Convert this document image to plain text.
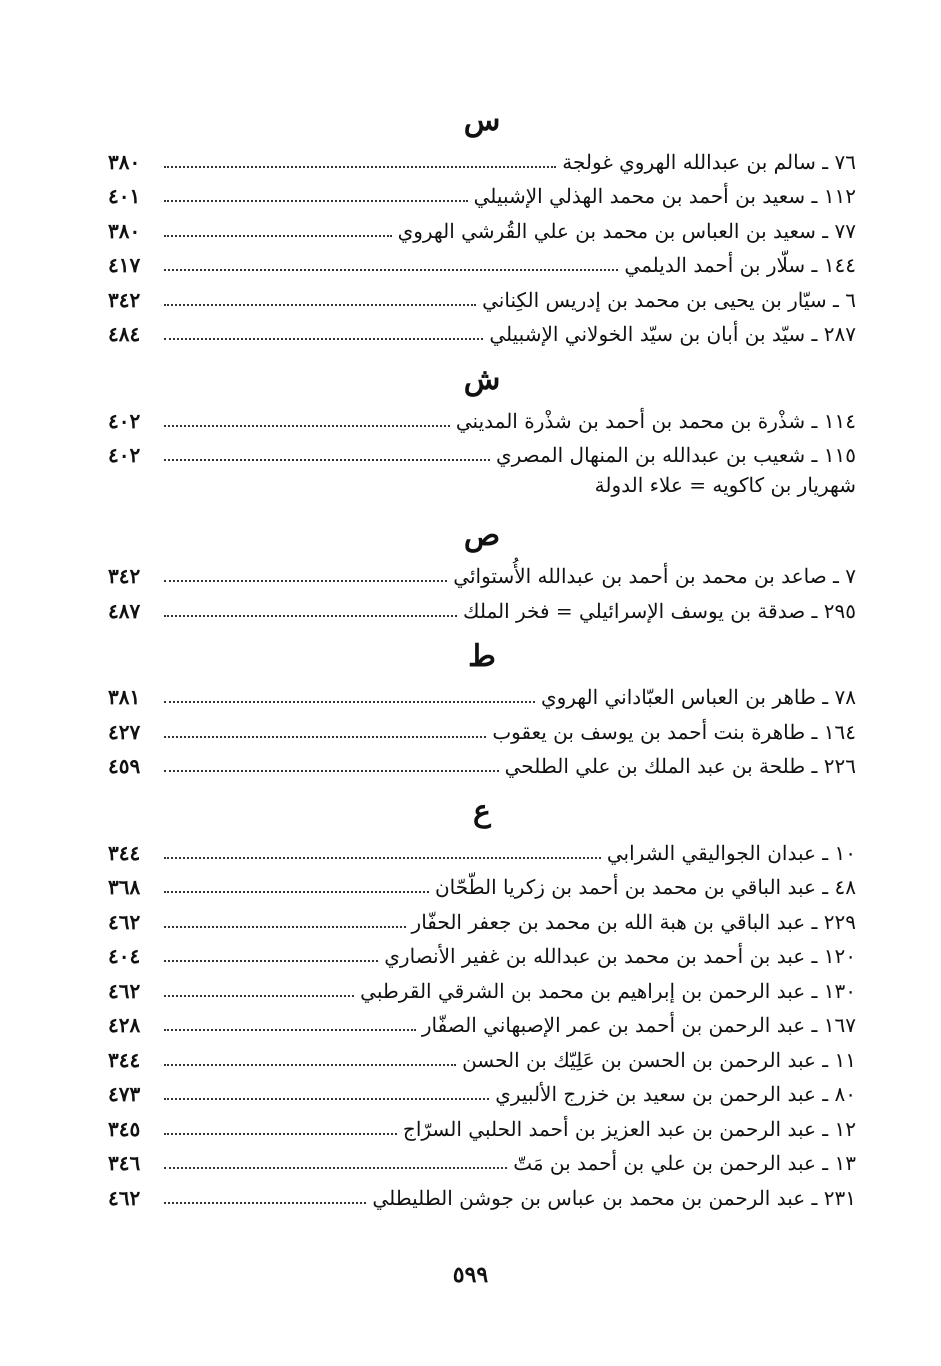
س
٧٦ ـ سالم بن عبدالله الهروي غولجة
٣٨٠
١١٢ ـ سعيد بن أحمد بن محمد الهذلي الإشبيلي
٤٠١
٧٧ ـ سعيد بن العباس بن محمد بن علي القُرشي الهروي
٣٨٠
١٤٤ ـ سلّار بن أحمد الديلمي
٤١٧
٦ ـ سيّار بن يحيى بن محمد بن إدريس الكِناني
٣٤٢
٢٨٧ ـ سيّد بن أبان بن سيّد الخولاني الإشبيلي
٤٨٤
ش
١١٤ ـ شذْرة بن محمد بن أحمد بن شذْرة المديني
٤٠٢
١١٥ ـ شعيب بن عبدالله بن المنهال المصري
٤٠٢
شهريار بن كاكويه = علاء الدولة
ص
٧ ـ صاعد بن محمد بن أحمد بن عبدالله الأُستوائي
٣٤٢
٢٩٥ ـ صدقة بن يوسف الإسرائيلي = فخر الملك
٤٨٧
ط
٧٨ ـ طاهر بن العباس العبّاداني الهروي
٣٨١
١٦٤ ـ طاهرة بنت أحمد بن يوسف بن يعقوب
٤٢٧
٢٢٦ ـ طلحة بن عبد الملك بن علي الطلحي
٤٥٩
ع
١٠ ـ عبدان الجواليقي الشرابي
٣٤٤
٤٨ ـ عبد الباقي بن محمد بن أحمد بن زكريا الطّحّان
٣٦٨
٢٢٩ ـ عبد الباقي بن هبة الله بن محمد بن جعفر الحفّار
٤٦٢
١٢٠ ـ عبد بن أحمد بن محمد بن عبدالله بن غفير الأنصاري
٤٠٤
١٣٠ ـ عبد الرحمن بن إبراهيم بن محمد بن الشرقي القرطبي
٤٦٢
١٦٧ ـ عبد الرحمن بن أحمد بن عمر الإصبهاني الصفّار
٤٢٨
١١ ـ عبد الرحمن بن الحسن بن عَلِيّك بن الحسن
٣٤٤
٨٠ ـ عبد الرحمن بن سعيد بن خزرج الألبيري
٤٧٣
١٢ ـ عبد الرحمن بن عبد العزيز بن أحمد الحلبي السرّاج
٣٤٥
١٣ ـ عبد الرحمن بن علي بن أحمد بن مَتّ
٣٤٦
٢٣١ ـ عبد الرحمن بن محمد بن عباس بن جوشن الطليطلي
٤٦٢
٥٩٩
